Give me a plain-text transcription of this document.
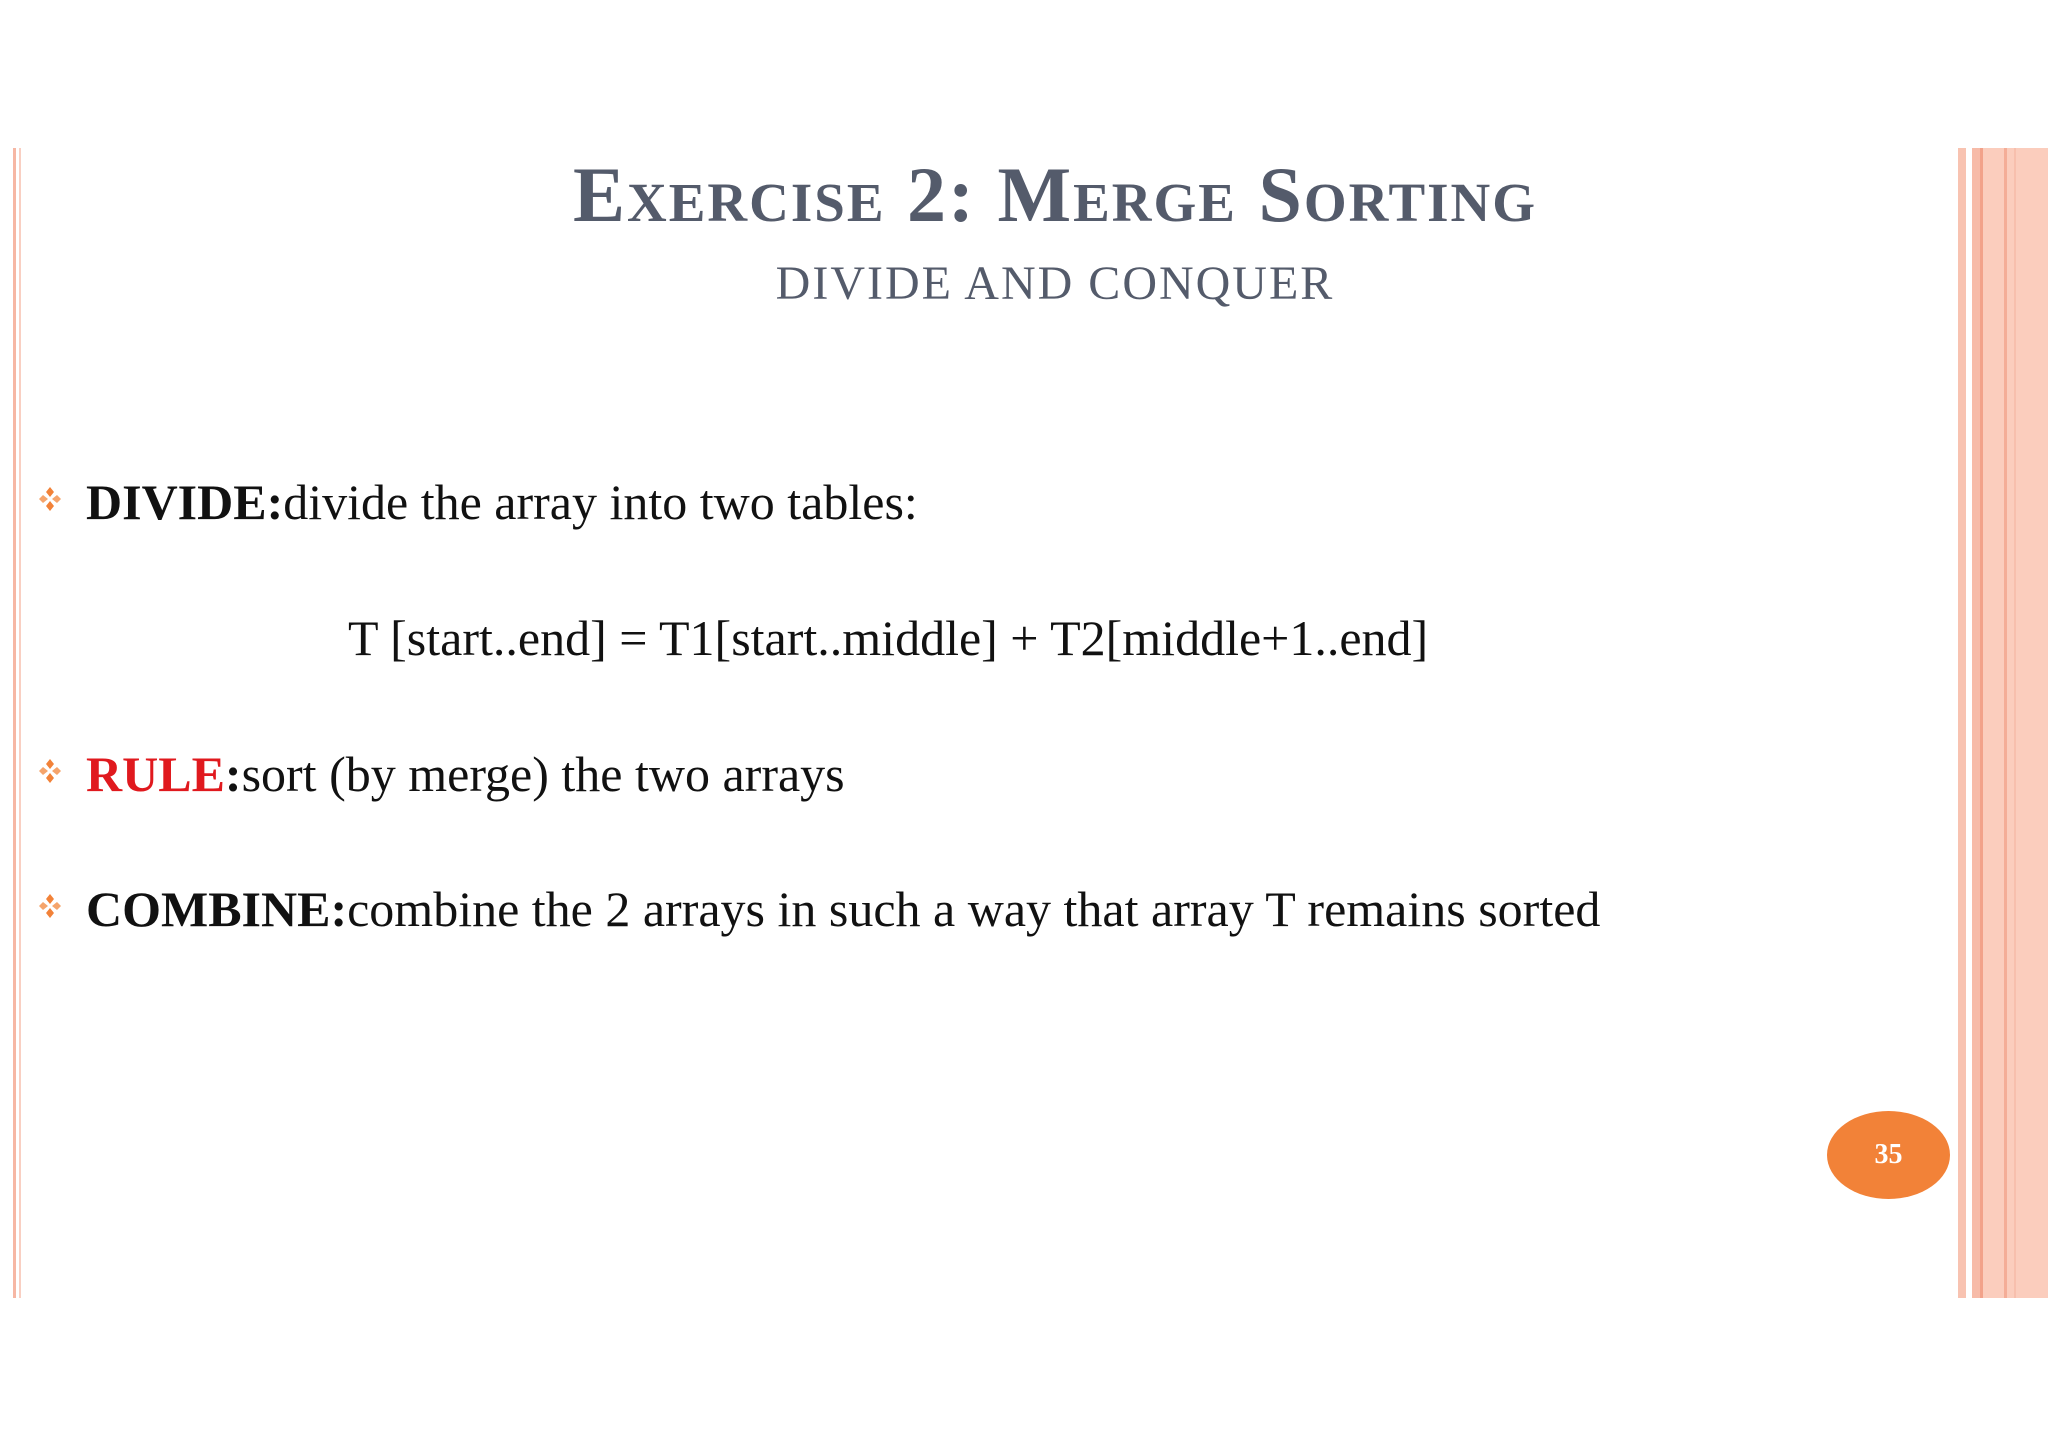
Exercise 2: Merge Sorting
DIVIDE AND CONQUER
DIVIDE: divide the array into two tables:
T [start..end] = T1[start..middle] + T2[middle+1..end]
RULE : sort (by merge) the two arrays
COMBINE: combine the 2 arrays in such a way that array T remains sorted
35
